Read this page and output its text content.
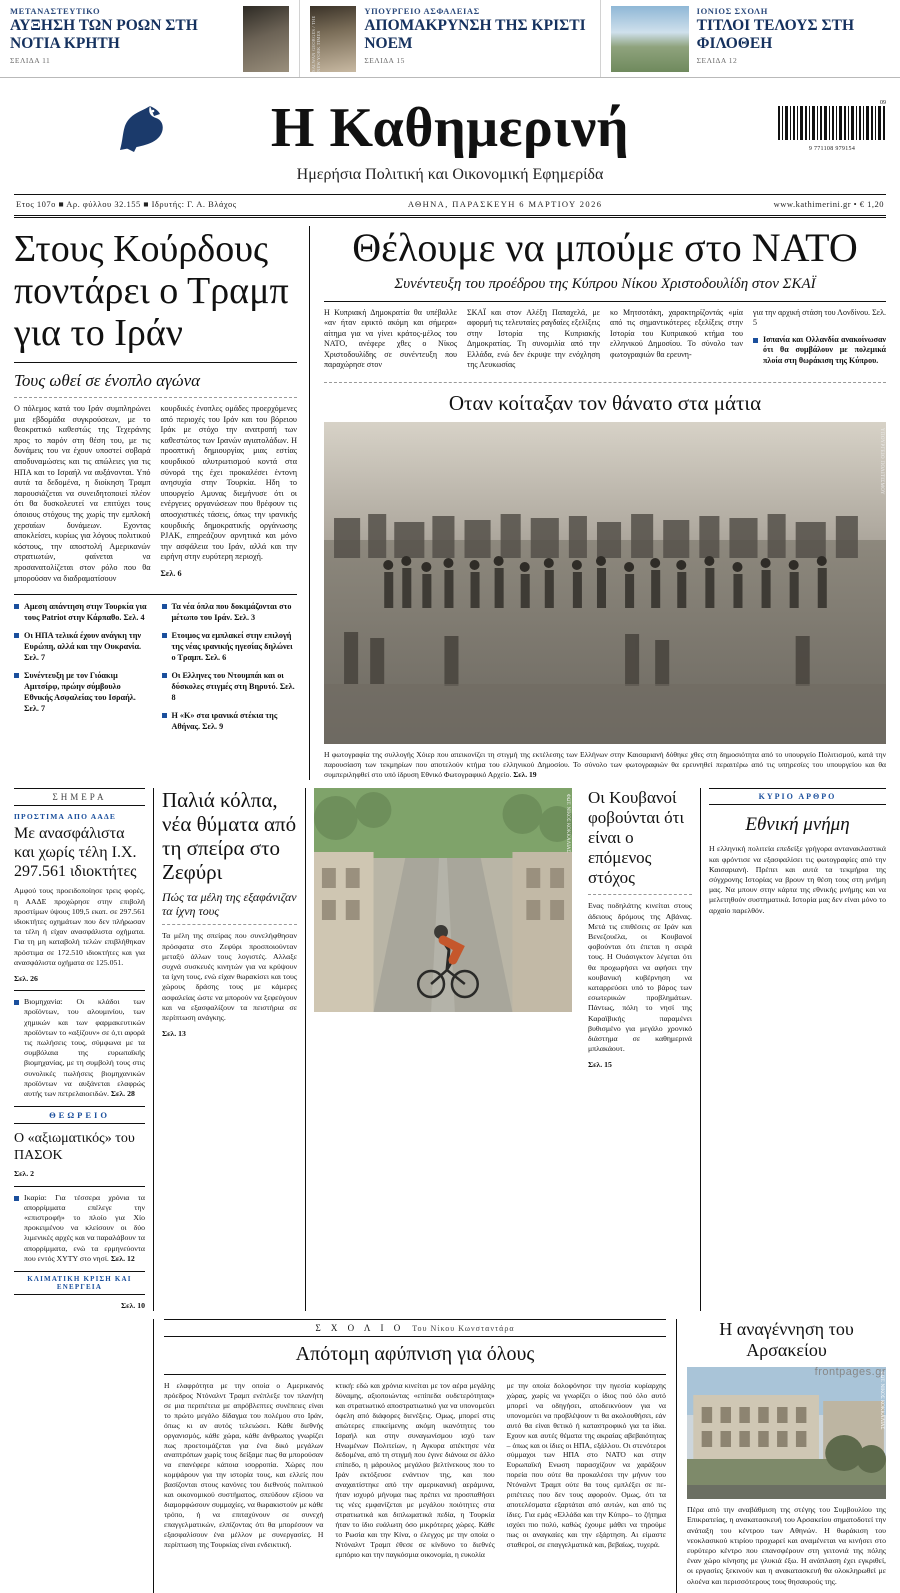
ΜΕΤΑΝΑΣΤΕΥΤΙΚΟ
ΑΥΞΗΣΗ ΤΩΝ ΡΟΩΝ ΣΤΗ ΝΟΤΙΑ ΚΡΗΤΗ
ΣΕΛΙΔΑ 11	SALWAN GEORGES / THE NEW YORK TIMES
ΥΠΟΥΡΓΕΙΟ ΑΣΦΑΛΕΙΑΣ
ΑΠΟΜΑΚΡΥΝΣΗ ΤΗΣ ΚΡΙΣΤΙ ΝΟΕΜ
ΣΕΛΙΔΑ 15
ΙΟΝΙΟΣ ΣΧΟΛΗ
ΤΙΤΛΟΙ ΤΕΛΟΥΣ ΣΤΗ ΦΙΛΟΘΕΗ
ΣΕΛΙΔΑ 12
Η Καθημερινή	09
9 771108 979154
Ημερήσια Πολιτική και Οικονομική Εφημερίδα
Ετος 107ο ■ Αρ. φύλλου 32.155 ■ Ιδρυτής: Γ. Α. Βλάχος	ΑΘΗΝΑ, ΠΑΡΑΣΚΕΥΗ 6 ΜΑΡΤΙΟΥ 2026	www.kathimerini.gr • € 1,20
Στους Κούρδους ποντάρει ο Τραμπ για το Ιράν
Τους ωθεί σε ένοπλο αγώνα

Ο πόλεμος κατά του Ιράν συμπληρώνει μια εβδομάδα συγκρούσεων, με το θεοκρατικό καθεστώς της Τεχεράνης προς το παρόν στη θέση του, με τις δυνάμεις του να έχουν υποστεί σοβαρά αποδυναμώσεις και τις απώλειες για τις ΗΠΑ και το Ισραήλ να αυξάνονται. Υπό αυτά τα δεδομένα, η διοίκηση Τραμπ παρουσιάζεται να συνειδητοποιεί πλέον ότι θα δυσκολευτεί να επιτύχει τους όποιους στόχους της χωρίς την εμπλοκή χερσαίων δυνάμεων. Εχοντας αποκλείσει, κυρίως για λόγους πολιτικού κόστους, την αποστολή Αμερικανών στρατιωτών, φαίνεται να προσανατολίζεται στον ρόλο που θα μπορούσαν να διαδραματίσουν

κουρδικές ένοπλες ομάδες προερχόμενες από περιοχές του Ιράν και του βόρειου Ιράκ με στόχο την ανατροπή των καθεστώτος των Ιρανών αγιατολάδων. Η προοπτική δημιουργίας μιας εστίας κουρδικού αλυτρωτισμού κοντά στα σύνορά της έχει προκαλέσει έντονη ανησυχία στην Τουρκία. Ηδη το υπουργείο Αμυνας διεμήνυσε ότι οι ενέργειες οργανώσεων που θρέφουν τις αποσχιστικές τάσεις, όπως την ιρανικής κουρδικής δημοκρατικής οργάνωσης PJAK, επηρεάζουν αρνητικά και μόνο την ασφάλεια του Ιράν, αλλά και την ειρήνη στην ευρύτερη περιοχή.

Σελ. 6

Αμεση απάντηση στην Τουρκία για τους Patriot στην Κάρπαθο. Σελ. 4
Οι ΗΠΑ τελικά έχουν ανάγκη την Ευρώπη, αλλά και την Ουκρανία. Σελ. 7
Συνέντευξη με τον Γιόακιμ Αμιτσίρφ, πρώην σύμβουλο Εθνικής Ασφαλείας του Ισραήλ. Σελ. 7
Τα νέα όπλα που δοκιμάζονται στο μέτωπο του Ιράν. Σελ. 3
Ετοιμος να εμπλακεί στην επιλογή της νέας ιρανικής ηγεσίας δηλώνει ο Τραμπ. Σελ. 6
Οι Ελληνες του Ντουμπάι και οι δύσκολες στιγμές στη Βηρυτό. Σελ. 8
Η «Κ» στα ιρανικά στέκια της Αθήνας. Σελ. 9
Θέλουμε να μπούμε στο ΝΑΤΟ
Συνέντευξη του προέδρου της Κύπρου Νίκου Χριστοδουλίδη στον ΣΚΑΪ

Η Κυπριακή Δημοκρατία θα υπέβαλλε «αν ήταν εφικτό ακόμη και σήμερα» αίτημα για να γίνει κράτος-μέλος του ΝΑΤΟ, ανέφερε χθες ο Νίκος Χριστοδουλίδης σε συνέντευξη που παραχώρησε στον

ΣΚΑΪ και στον Αλέξη Παπαχελά, με αφορμή τις τελευταίες ραγδαίες εξελίξεις στην Ιστορία της Κυπριακής Δημοκρατίας. Τη συνομιλία από την Ελλάδα, ενώ δεν έκρυψε την ενόχληση της Λευκωσίας

κο Μητσοτάκη, χαρακτηρίζοντάς «μία από τις σημαντικότερες εξελίξεις στην Ιστορία του Κυπριακού κτήμα του ελληνικού Δημοσίου. Το σύνολο των φωτογραφιών θα ερευνη-

για την αρχική στάση του Λονδίνου. Σελ. 5

Ισπανία και Ολλανδία ανακοίνωσαν ότι θα συμβάλουν με πολεμικά πλοία στη θωράκιση της Κύπρου.
Οταν κοίταξαν τον θάνατο στα μάτια
ΥΠΟΥΡΓΕΙΟ ΠΟΛΙΤΙΣΜΟΥ
Η φωτογραφία της συλλογής Χόιερ που απεικονίζει τη στιγμή της εκτέλεσης των Ελλήνων στην Καισαριανή δόθηκε χθες στη δημοσιότητα από το υπουργείο Πολιτισμού, κατά την παρουσίαση των τεκμηρίων που αποτελούν κτήμα του ελληνικού Δημοσίου. Το σύνολο των φωτογραφιών θα ερευνηθεί περαιτέρω από τις υπηρεσίες του υπουργείου και θα συμπεριληφθεί στο υπό ίδρυση Εθνικό Φωτογραφικό Αρχείο. Σελ. 19
ΣΗΜΕΡΑ
ΠΡΟΣΤΙΜΑ ΑΠΟ ΑΑΔΕ
Με ανασφάλιστα και χωρίς τέλη Ι.Χ. 297.561 ιδιοκτήτες

Αμφού τους προειδοποίησε τρεις φορές, η ΑΑΔΕ προχώρησε στην επιβολή προστίμων ύψους 109,5 εκατ. σε 297.561 ιδιοκτήτες οχημάτων που δεν πλήρωσαν τα τέλη ή είχαν ανασφάλιστα οχήματα. Για τη μη καταβολή τελών επιβλήθηκαν πρόστιμα σε 172.510 ιδιοκτήτες και για ανασφάλιστα οχήματα σε 125.051.

Σελ. 26

Βιομηχανία: Οι κλάδοι των προϊόντων, του αλουμινίου, των χημικών και των φαρμακευτικών προϊόντων το «αξίζουν» σε ό,τι αφορά τις πωλήσεις τους, σύμφωνα με τα συμβόλαια της ευρωπαϊκής βιομηχανίας, με τη συμβολή τους στις συνολικές πωλήσεις βιομηχανικών προϊόντων να αυξάνεται ελαφρώς αυτής των πετρελαιοειδών. Σελ. 28
ΘΕΩΡΕΙΟ
Ο «αξιωματικός» του ΠΑΣΟΚ
Σελ. 2
Ικαρία: Για τέσσερα χρόνια τα απορρίμματα επέλεγε την «επιστροφή» το πλοίο για Χίο προκειμένου να κλείσουν οι δύο λιμενικές αρχές και να παραλάβουν τα απορρίμματα, ενώ τα ερμηνεύοντα που εντός ΧΥΤΥ στο νησί. Σελ. 12
ΚΛΙΜΑΤΙΚΗ ΚΡΙΣΗ ΚΑΙ ΕΝΕΡΓΕΙΑ
Σελ. 10
Παλιά κόλπα, νέα θύματα από τη σπείρα στο Ζεφύρι
Πώς τα μέλη της εξαφάνιζαν τα ίχνη τους

Τα μέλη της σπείρας που συνελήφθησαν πρόσφατα στο Ζεφύρι προσποιούνταν μεταξύ άλλων τους λογιστές. Αλλαξε συχνά συσκευές κινητών για να κρύψουν τα ίχνη τους, ενώ είχαν θωρακίσει και τους χώρους δράσης τους με κάμερες ασφαλείας ώστε να μπορούν να ξεφεύγουν και να εξασφαλίζουν τα πειστήρια σε περίπτωση ανάγκης.

Σελ. 13

ΦΩΤ. ΝΙΚΟΣ ΚΟΚΚΑΛΙΑΣ Οι Κουβανοί φοβούνται ότι είναι ο επόμενος στόχος

Ενας ποδηλάτης κινείται στους άδειους δρόμους της Αβάνας. Μετά τις επιθέσεις σε Ιράν και Βενεζουέλα, οι Κουβανοί φοβούνται ότι έπεται η σειρά τους. Η Ουάσιγκτον λέγεται ότι θα προχωρήσει να αφήσει την κουβανική κυβέρνηση να καταρρεύσει υπό το βάρος των εσωτερικών προβλημάτων. Πάντως, πόλη το νησί της Καραϊβικής παραμένει βυθισμένο για μεγάλο χρονικό διάστημα σε καθημερινά μπλακάουτ.

Σελ. 15

ΚΥΡΙΟ ΑΡΘΡΟ
Εθνική μνήμη

Η ελληνική πολιτεία επεδείξε γρήγορα αντανακλαστικά και φρόντισε να εξασφαλίσει τις φωτογραφίες από την Καισαριανή. Πρέπει και αυτά τα τεκμήρια της σύγχρονης Ιστορίας να βρουν τη θέση τους στη μνήμη μας. Να μπουν στην κάρτα της εθνικής μνήμης και να μελετηθούν συστηματικά. Ιστορία μας δεν είναι μόνο το αρχαίο παρελθόν.

Σ Χ Ο Λ Ι Ο Του Νίκου Κωνσταντάρα
Απότομη αφύπνιση για όλους

Η ελαφρότητα με την οποία ο Αμερικανός πρόεδρος Ντόναλντ Τραμπ ενέπλεξε τον πλανήτη σε μια περιπέτεια με απρόβλεπτες συνέπειες είναι το πρώτο μεγάλο δίδαγμα του πολέμου στο Ιράν, όπως κι αν αυτός τελειώσει. Κάθε διεθνής οργανισμός, κάθε χώρα, κάθε άνθρωπος γνωρίζει πως προετοιμάζεται για ένα δικό μεγάλων αναπτρόπων χωρίς τους δείξαμε πως θα μπορούσαν να επανέφερε κάποια ισορροπία. Χώρες που κομψάρουν για την ιστορία τους, και ελλείς που βασίζονται στους κανόνες του διεθνούς πολιτικού και οικονομικού συστήματος, σπεύδουν εξίσου να διαμορφώσουν συμμαχίες, να θωρακιστούν με κάθε τρόπο, ή να επιταχύνουν σε συνεχή επαγγελματικών, ελπίζοντας ότι θα μπορέσουν να εξασφαλίσουν ένα μέλλον με συνεργασίες. Η περίπτωση της Τουρκίας είναι ενδεικτική.

κτική: εδώ και χρόνια κινείται με τον αέρα μεγάλης δύναμης, αξιοποιώντας «επίπεδα ουδετερότητας» και στρατιωτικό αποστρατιωτικό για να υπονομεύει όφελη από διάφορες διενέξεις. Ομως, μπορεί στις απώτερες επικείμενης ακόμη ικανότητες του Ισραήλ και στην συναγωνίσμου ισχύ των Ηνωμένων Πολιτείων, η Αγκυρα απέκτησε νέα δεδομένα, από τη στιγμή που έγινε διάνοια σε άλλο επίπεδο, η μάρουλος μεγάλου βελτίνεκους που το Ιράν εκτόξευσε ενάντιον της, και που αναχαιτίστηκε από την αμερικανική αεράμυνα, ήταν ισχυρό μήνυμα πως πρέπει να προσπαθήσει τις νέες εμφανίζεται με μεγάλου ποιότητες στα στρατιωτικά και διπλωματικά πεδία, η Τουρκία ήταν το ίδιο ευάλωτη όσο μικρότερες χώρες. Κάθε το Ρωσία και την Κίνα, ο έλεγχος με την οποία ο Ντόναλντ Τραμπ έθεσε σε κίνδυνο το διεθνές εμπόριο και την παγκόσμια οικονομία, η ευκολία

με την οποία δολοφόνησε την ηγεσία κυρίαρχης χώρας, χωρίς να γνωρίζει ο ίδιος πού όλο αυτό μπορεί να οδηγήσει, αποδεικνύουν για να υπονομεύει να προβλέψουν τι θα ακολουθήσει, εάν αυτό θα είναι θετικό ή καταστροφικό για τα ίδια. Εχουν και αυτές θέματα της ακραίας αβεβαιότητας – όπως και οι ίδιες οι ΗΠΑ, εξάλλου. Οι στενότεροι σύμμαχοι των ΗΠΑ στο ΝΑΤΟ και στην Ευρωπαϊκή Ενωση παρασχίζουν να χαράξουν πορεία που ούτε θα προκαλέσει την μήνυν του Ντόναλντ Τραμπ ούτε θα τους εμπλέξει σε πε-ριπέτειες που δεν τους αφορούν. Ομως, ότι τα αποτελέσματα εξαρτάται από αυτών, και από τις ίδιες. Για εμάς «Ελλάδα και την Κύπρο– το ζήτημα ισχύει πιο πολύ, καθώς έχουμε μάθει να τηρούμε πως οι αναγκαίες και την εξάρτηση. Αι είμαστε σταθεροί, σε επαγγελματικά και, βεβαίως, τυχερά.

Η αναγέννηση του Αρσακείου
ΦΩΤ. ΝΙΚΟΣ ΚΟΚΚΑΛΙΑΣ

Πέρα από την αναβάθμιση της στέγης του Συμβουλίου της Επικρατείας, η ανακατασκευή του Αρσακείου σηματοδοτεί την ανάταξη του κέντρου των Αθηνών. Η θωράκιση του νεοκλασικού κτιρίου προχωρεί και αναμένεται να κινήσει στο ευρύτερο κέντρο που επανσφέρουν στη γειτονιά της πόλης έναν χώρο κίνησης με γλυκιά έξω. Η ανάπλαση έχει εγκριθεί, οι εργασίες ξεκινούν και η ανακατασκευή θα ολοκληρωθεί με ολοένα και περισσότερους τους θησαυρούς της.

frontpages.gr
